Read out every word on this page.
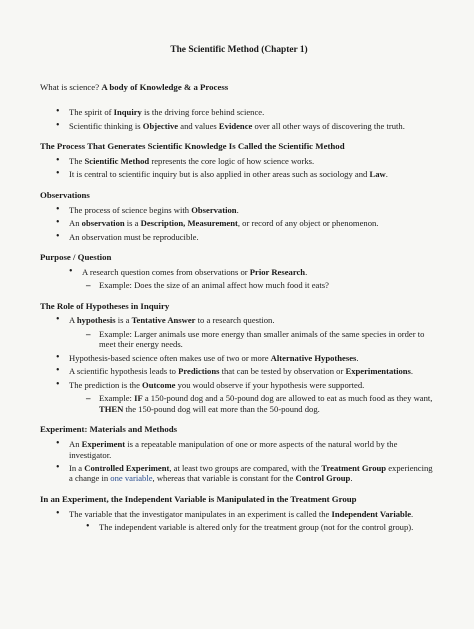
The Scientific Method (Chapter 1)
What is science? A body of Knowledge & a Process
• The spirit of Inquiry is the driving force behind science.
• Scientific thinking is Objective and values Evidence over all other ways of discovering the truth.
The Process That Generates Scientific Knowledge Is Called the Scientific Method
• The Scientific Method represents the core logic of how science works.
• It is central to scientific inquiry but is also applied in other areas such as sociology and Law.
Observations
• The process of science begins with Observation.
• An observation is a Description, Measurement, or record of any object or phenomenon.
• An observation must be reproducible.
Purpose / Question
• A research question comes from observations or Prior Research.
– Example: Does the size of an animal affect how much food it eats?
The Role of Hypotheses in Inquiry
• A hypothesis is a Tentative Answer to a research question.
– Example: Larger animals use more energy than smaller animals of the same species in order to meet their energy needs.
• Hypothesis-based science often makes use of two or more Alternative Hypotheses.
• A scientific hypothesis leads to Predictions that can be tested by observation or Experimentations.
• The prediction is the Outcome you would observe if your hypothesis were supported.
– Example: IF a 150-pound dog and a 50-pound dog are allowed to eat as much food as they want, THEN the 150-pound dog will eat more than the 50-pound dog.
Experiment: Materials and Methods
• An Experiment is a repeatable manipulation of one or more aspects of the natural world by the investigator.
• In a Controlled Experiment, at least two groups are compared, with the Treatment Group experiencing a change in one variable, whereas that variable is constant for the Control Group.
In an Experiment, the Independent Variable is Manipulated in the Treatment Group
• The variable that the investigator manipulates in an experiment is called the Independent Variable.
• The independent variable is altered only for the treatment group (not for the control group).
